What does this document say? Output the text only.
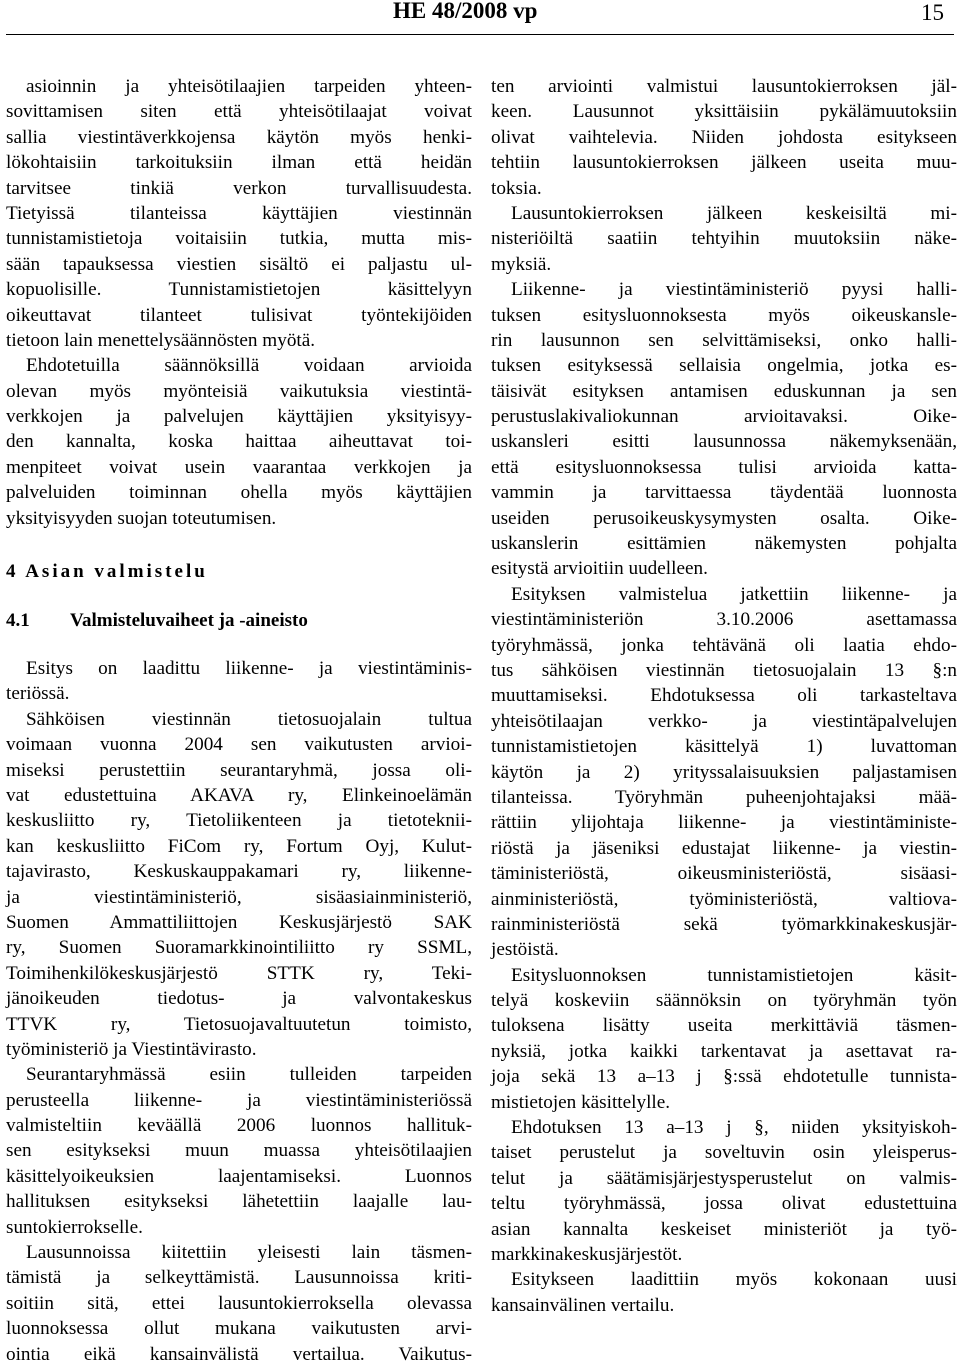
HE 48/2008 vp	15
asioinnin ja yhteisötilaajien tarpeiden yhteen-
sovittamisen siten että yhteisötilaajat voivat
sallia viestintäverkkojensa käytön myös henki-
lökohtaisiin tarkoituksiin ilman että heidän
tarvitsee tinkiä verkon turvallisuudesta.
Tietyissä tilanteissa käyttäjien viestinnän
tunnistamistietoja voitaisiin tutkia, mutta mis-
sään tapauksessa viestien sisältö ei paljastu ul-
kopuolisille. Tunnistamistietojen käsittelyyn
oikeuttavat tilanteet tulisivat työntekijöiden
tietoon lain menettelysäännösten myötä.
Ehdotetuilla säännöksillä voidaan arvioida
olevan myös myönteisiä vaikutuksia viestintä-
verkkojen ja palvelujen käyttäjien yksityisyy-
den kannalta, koska haittaa aiheuttavat toi-
menpiteet voivat usein vaarantaa verkkojen ja
palveluiden toiminnan ohella myös käyttäjien
yksityisyyden suojan toteutumisen.
4 Asian valmistelu
4.1 Valmisteluvaiheet ja -aineisto
Esitys on laadittu liikenne- ja viestintäminis-
teriössä.
Sähköisen viestinnän tietosuojalain tultua
voimaan vuonna 2004 sen vaikutusten arvioi-
miseksi perustettiin seurantaryhmä, jossa oli-
vat edustettuina AKAVA ry, Elinkeinoelämän
keskusliitto ry, Tietoliikenteen ja tietoteknii-
kan keskusliitto FiCom ry, Fortum Oyj, Kulut-
tajavirasto, Keskuskauppakamari ry, liikenne-
ja viestintäministeriö, sisäasiainministeriö,
Suomen Ammattiliittojen Keskusjärjestö SAK
ry, Suomen Suoramarkkinointiliitto ry SSML,
Toimihenkilökeskusjärjestö STTK ry, Teki-
jänoikeuden tiedotus- ja valvontakeskus
TTVK ry, Tietosuojavaltuutetun toimisto,
työministeriö ja Viestintävirasto.
Seurantaryhmässä esiin tulleiden tarpeiden
perusteella liikenne- ja viestintäministeriössä
valmisteltiin keväällä 2006 luonnos hallituk-
sen esitykseksi muun muassa yhteisötilaajien
käsittelyoikeuksien laajentamiseksi. Luonnos
hallituksen esitykseksi lähetettiin laajalle lau-
suntokierrokselle.
Lausunnoissa kiitettiin yleisesti lain täsmen-
tämistä ja selkeyttämistä. Lausunnoissa kriti-
soitiin sitä, ettei lausuntokierroksella olevassa
luonnoksessa ollut mukana vaikutusten arvi-
ointia eikä kansainvälistä vertailua. Vaikutus-
ten arviointi valmistui lausuntokierroksen jäl-
keen. Lausunnot yksittäisiin pykälämuutoksiin
olivat vaihtelevia. Niiden johdosta esitykseen
tehtiin lausuntokierroksen jälkeen useita muu-
toksia.
Lausuntokierroksen jälkeen keskeisiltä mi-
nisteriöiltä saatiin tehtyihin muutoksiin näke-
myksiä.
Liikenne- ja viestintäministeriö pyysi halli-
tuksen esitysluonnoksesta myös oikeuskansle-
rin lausunnon sen selvittämiseksi, onko halli-
tuksen esityksessä sellaisia ongelmia, jotka es-
täisivät esityksen antamisen eduskunnan ja sen
perustuslakivaliokunnan arvioitavaksi. Oike-
uskansleri esitti lausunnossa näkemyksenään,
että esitysluonnoksessa tulisi arvioida katta-
vammin ja tarvittaessa täydentää luonnosta
useiden perusoikeuskysymysten osalta. Oike-
uskanslerin esittämien näkemysten pohjalta
esitystä arvioitiin uudelleen.
Esityksen valmistelua jatkettiin liikenne- ja
viestintäministeriön 3.10.2006 asettamassa
työryhmässä, jonka tehtävänä oli laatia ehdo-
tus sähköisen viestinnän tietosuojalain 13 §:n
muuttamiseksi. Ehdotuksessa oli tarkasteltava
yhteisötilaajan verkko- ja viestintäpalvelujen
tunnistamistietojen käsittelyä 1) luvattoman
käytön ja 2) yrityssalaisuuksien paljastamisen
tilanteissa. Työryhmän puheenjohtajaksi mää-
rättiin ylijohtaja liikenne- ja viestintäministe-
riöstä ja jäseniksi edustajat liikenne- ja viestin-
täministeriöstä, oikeusministeriöstä, sisäasi-
ainministeriöstä, työministeriöstä, valtiova-
rainministeriöstä sekä työmarkkinakeskusjär-
jestöistä.
Esitysluonnoksen tunnistamistietojen käsit-
telyä koskeviin säännöksin on työryhmän työn
tuloksena lisätty useita merkittäviä täsmen-
nyksiä, jotka kaikki tarkentavat ja asettavat ra-
joja sekä 13 a–13 j §:ssä ehdotetulle tunnista-
mistietojen käsittelylle.
Ehdotuksen 13 a–13 j §, niiden yksityiskoh-
taiset perustelut ja soveltuvin osin yleisperus-
telut ja säätämisjärjestysperustelut on valmis-
teltu työryhmässä, jossa olivat edustettuina
asian kannalta keskeiset ministeriöt ja työ-
markkinakeskusjärjestöt.
Esitykseen laadittiin myös kokonaan uusi
kansainvälinen vertailu.
